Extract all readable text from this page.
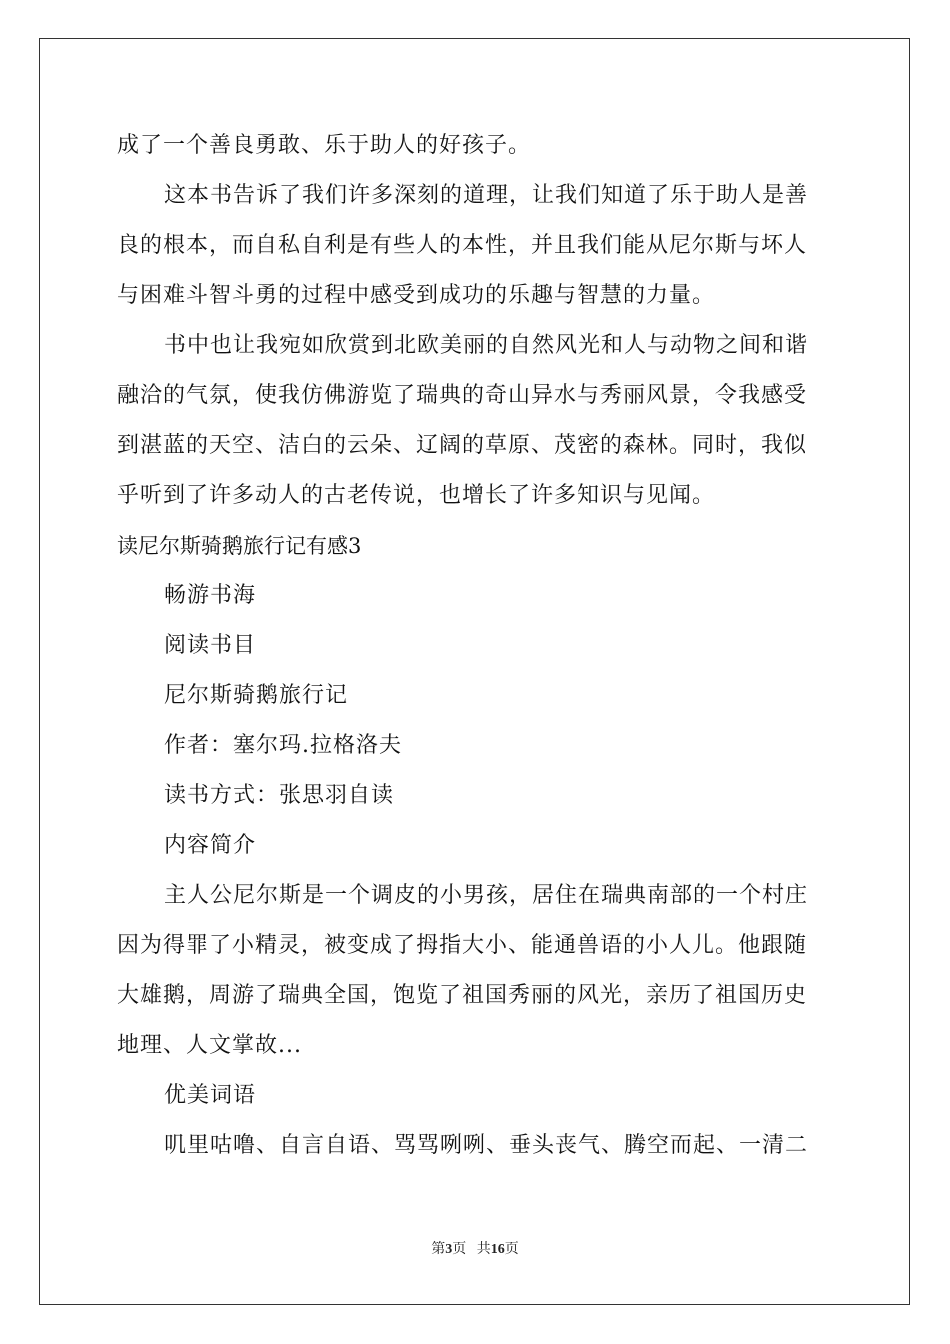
成了一个善良勇敢、乐于助人的好孩子。
这本书告诉了我们许多深刻的道理，让我们知道了乐于助人是善
良的根本，而自私自利是有些人的本性，并且我们能从尼尔斯与坏人
与困难斗智斗勇的过程中感受到成功的乐趣与智慧的力量。
书中也让我宛如欣赏到北欧美丽的自然风光和人与动物之间和谐
融洽的气氛，使我仿佛游览了瑞典的奇山异水与秀丽风景，令我感受
到湛蓝的天空、洁白的云朵、辽阔的草原、茂密的森林。同时，我似
乎听到了许多动人的古老传说，也增长了许多知识与见闻。
读尼尔斯骑鹅旅行记有感3
畅游书海
阅读书目
尼尔斯骑鹅旅行记
作者：塞尔玛.拉格洛夫
读书方式：张思羽自读
内容简介
主人公尼尔斯是一个调皮的小男孩，居住在瑞典南部的一个村庄
因为得罪了小精灵，被变成了拇指大小、能通兽语的小人儿。他跟随
大雄鹅，周游了瑞典全国，饱览了祖国秀丽的风光，亲历了祖国历史
地理、人文掌故...
优美词语
叽里咕噜、自言自语、骂骂咧咧、垂头丧气、腾空而起、一清二
第3页 共16页
